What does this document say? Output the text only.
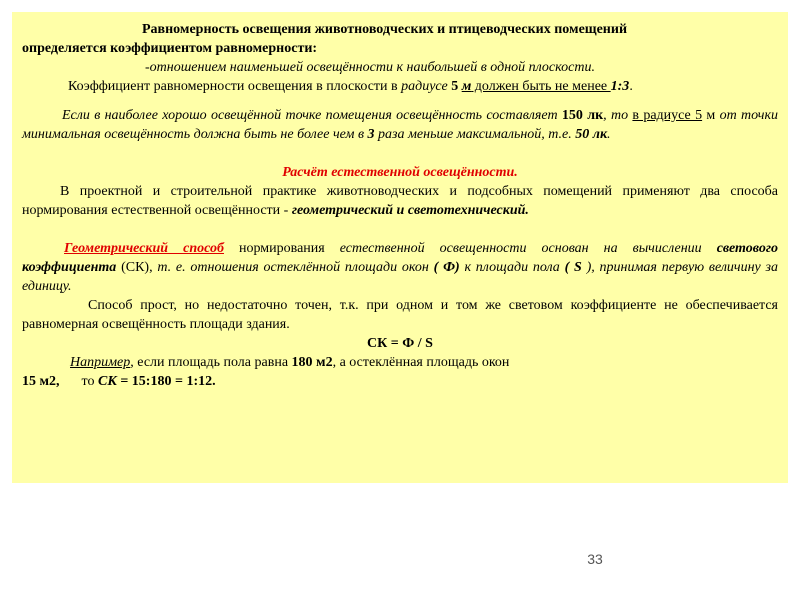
Равномерность освещения животноводческих и птицеводческих помещений

определяется коэффициентом равномерности:

-отношением наименьшей освещённости к наибольшей в одной плоскости.

Коэффициент равномерности освещения в плоскости в радиусе 5 м должен быть не менее 1:3.

Если в наиболее хорошо освещённой точке помещения освещённость составляет 150 лк, то в радиусе 5 м от точки минимальная освещённость должна быть не более чем в 3 раза меньше максимальной, т.е. 50 лк.

Расчёт естественной освещённости.

В проектной и строительной практике животноводческих и подсобных помещений применяют два способа нормирования естественной освещённости - геометрический и светотехнический.

Геометрический способ нормирования естественной освещенности основан на вычислении светового коэффициента (СК), т. е. отношения остеклённой площади окон ( Ф) к площади пола ( S ), принимая первую величину за единицу.

Способ прост, но недостаточно точен, т.к. при одном и том же световом коэффициенте не обеспечивается равномерная освещённость площади здания.

СК = Ф / S

Например, если площадь пола равна 180 м2, а остеклённая площадь окон

15 м2, то СК = 15:180 = 1:12.

33
